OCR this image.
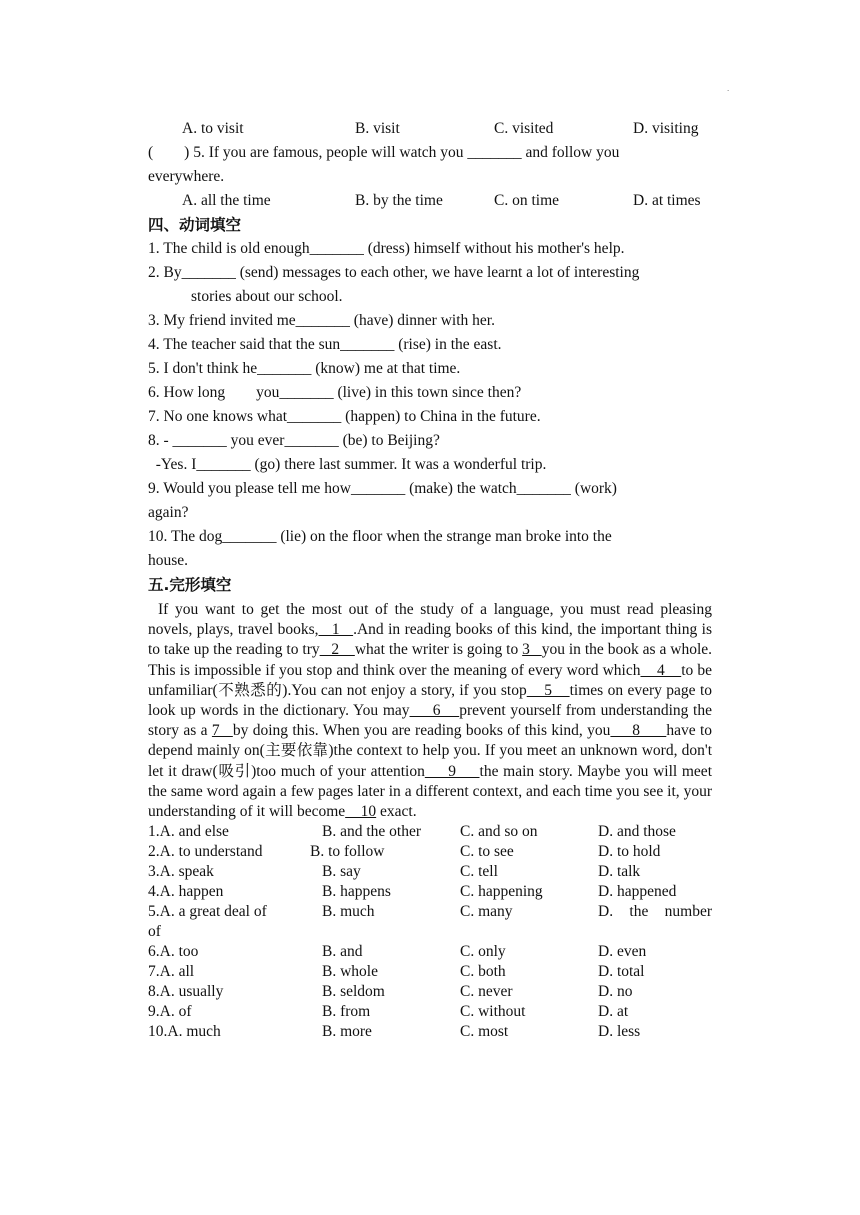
.
A. to visit	B. visit	C. visited	D. visiting
(        ) 5. If you are famous, people will watch you _______ and follow you
everywhere.
A. all the time	B. by the time	C. on time	D. at times
四、动词填空
1. The child is old enough_______ (dress) himself without his mother's help.
2. By_______ (send) messages to each other, we have learnt a lot of interesting
stories about our school.
3. My friend invited me_______ (have) dinner with her.
4. The teacher said that the sun_______ (rise) in the east.
5. I don't think he_______ (know) me at that time.
6. How long        you_______ (live) in this town since then?
7. No one knows what_______ (happen) to China in the future.
8. - _______ you ever_______ (be) to Beijing?
-Yes. I_______ (go) there last summer. It was a wonderful trip.
9. Would you please tell me how_______ (make) the watch_______ (work)
again?
10. The dog_______ (lie) on the floor when the strange man broke into the
house.
五.完形填空

If you want to get the most out of the study of a language, you must read pleasing novels, plays, travel books,   1   .And in reading books of this kind, the important thing is to take up the reading to try   2    what the writer is going to 3   you in the book as a whole. This is impossible if you stop and think over the meaning of every word which    4    to be unfamiliar(不熟悉的).You can not enjoy a story, if you stop    5    times on every page to look up words in the dictionary. You may     6    prevent yourself from understanding the story as a 7   by doing this. When you are reading books of this kind, you     8      have to depend mainly on(主要依靠)the context to help you. If you meet an unknown word, don't let it draw(吸引)too much of your attention     9     the main story. Maybe you will meet the same word again a few pages later in a different context, and each time you see it, your understanding of it will become    10 exact.

1.A. and else	B. and the other	C. and so on	D. and those
2.A. to understand	B. to follow	C. to see	D. to hold
3.A. speak	B. say	C. tell	D. talk
4.A. happen	B. happens	C. happening	D. happened
5.A. a great deal of	B. much	C. many	D. the number
of
6.A. too	B. and	C. only	D. even
7.A. all	B. whole	C. both	D. total
8.A. usually	B. seldom	C. never	D. no
9.A. of	B. from	C. without	D. at
10.A. much	B. more	C. most	D. less
